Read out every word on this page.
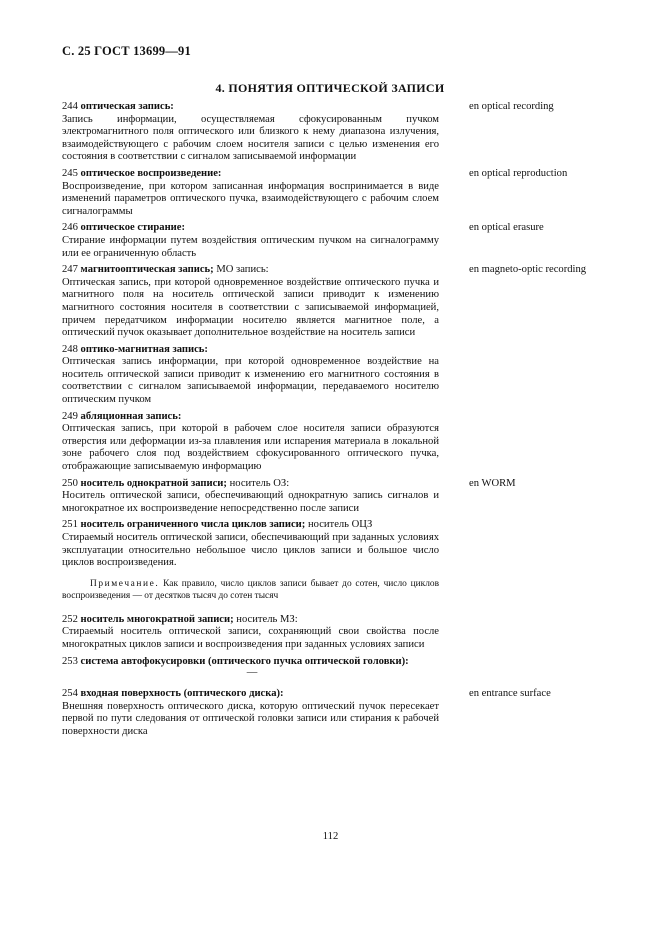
С. 25 ГОСТ 13699—91
4. ПОНЯТИЯ ОПТИЧЕСКОЙ ЗАПИСИ
244 оптическая запись:
Запись информации, осуществляемая сфокусированным пучком электромагнитного поля оптического или близкого к нему диапазона излучения, взаимодействующего с рабочим слоем носителя записи с целью изменения его состояния в соответствии с сигналом записываемой информации
en optical recording
245 оптическое воспроизведение:
Воспроизведение, при котором записанная информация воспринимается в виде изменений параметров оптического пучка, взаимодействующего с рабочим слоем сигналограммы
en optical reproduction
246 оптическое стирание:
Стирание информации путем воздействия оптическим пучком на сигналограмму или ее ограниченную область
en optical erasure
247 магнитооптическая запись; МО запись:
Оптическая запись, при которой одновременное воздействие оптического пучка и магнитного поля на носитель оптической записи приводит к изменению магнитного состояния носителя в соответствии с записываемой информацией, причем передатчиком информации носителю является магнитное поле, а оптический пучок оказывает дополнительное воздействие на носитель записи
en magneto-optic recording
248 оптико-магнитная запись:
Оптическая запись информации, при которой одновременное воздействие на носитель оптической записи приводит к изменению его магнитного состояния в соответствии с сигналом записываемой информации, передаваемого носителю оптическим пучком
249 абляционная запись:
Оптическая запись, при которой в рабочем слое носителя записи образуются отверстия или деформации из-за плавления или испарения материала в локальной зоне рабочего слоя под воздействием сфокусированного оптического пучка, отображающие записываемую информацию
250 носитель однократной записи; носитель ОЗ:
Носитель оптической записи, обеспечивающий однократную запись сигналов и многократное их воспроизведение непосредственно после записи
en WORM
251 носитель ограниченного числа циклов записи; носитель ОЦЗ
Стираемый носитель оптической записи, обеспечивающий при заданных условиях эксплуатации относительно небольшое число циклов записи и большое число циклов воспроизведения.
Примечание. Как правило, число циклов записи бывает до сотен, число циклов воспроизведения — от десятков тысяч до сотен тысяч
252 носитель многократной записи; носитель МЗ:
Стираемый носитель оптической записи, сохраняющий свои свойства после многократных циклов записи и воспроизведения при заданных условиях записи
253 система автофокусировки (оптического пучка оптической головки):
—
254 входная поверхность (оптического диска):
Внешняя поверхность оптического диска, которую оптический пучок пересекает первой по пути следования от оптической головки записи или стирания к рабочей поверхности диска
en entrance surface
112
